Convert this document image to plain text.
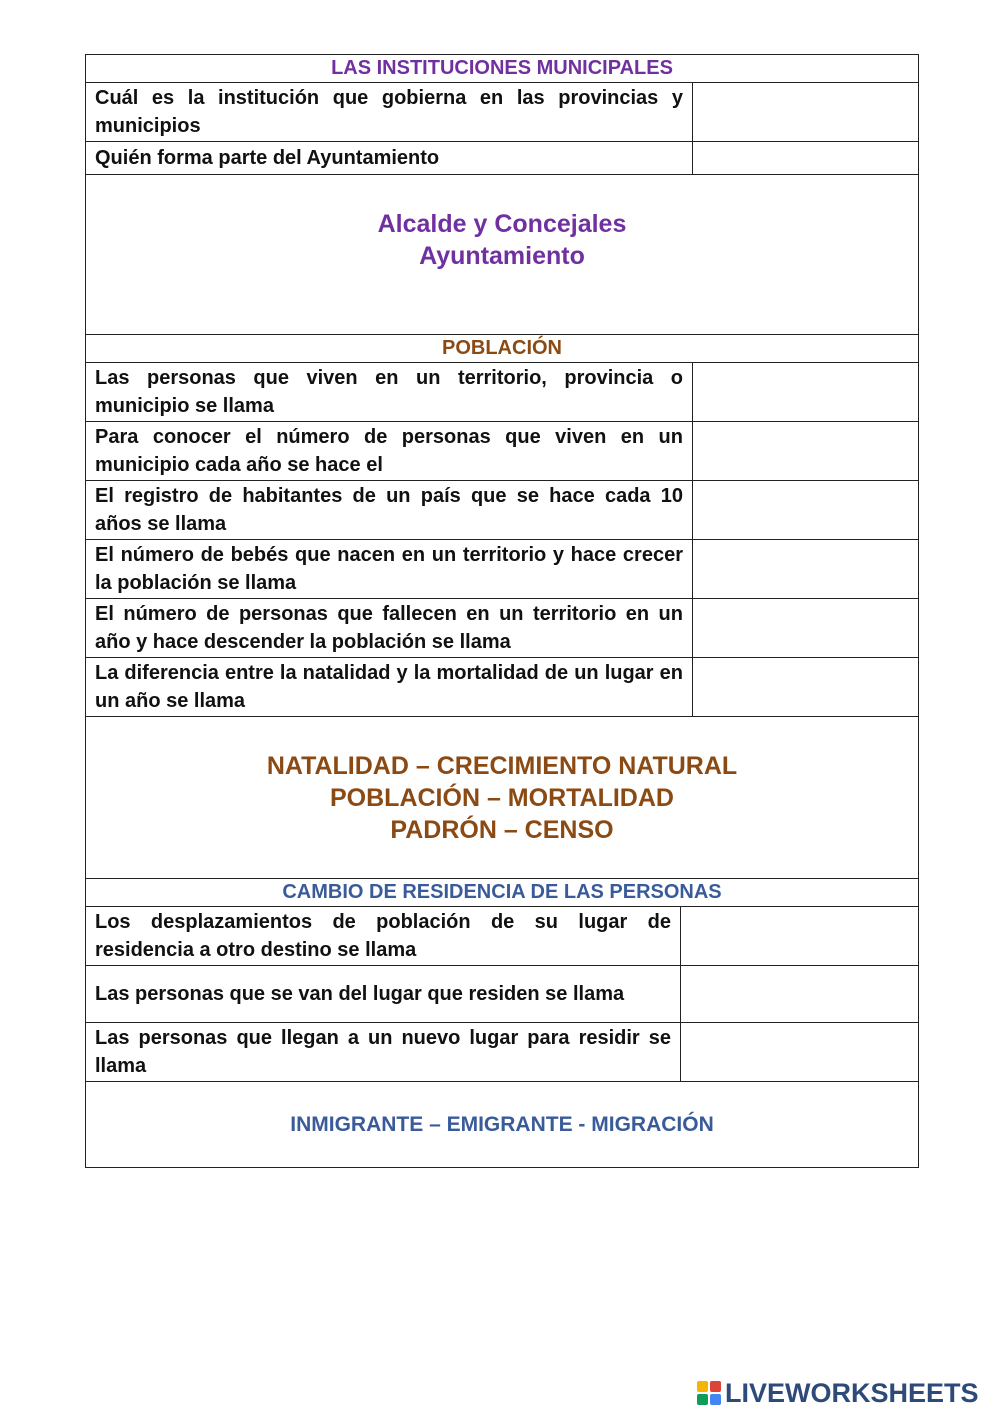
LAS INSTITUCIONES MUNICIPALES	
Cuál es la institución que gobierna en las provincias y municipios	
Quién forma parte del Ayuntamiento	

Alcalde y Concejales
Ayuntamiento	
POBLACIÓN	
Las personas que viven en un territorio, provincia o municipio se llama	
Para conocer el número de personas que viven en un municipio cada año se hace el	
El registro de habitantes de un país que se hace cada 10 años se llama	
El número de bebés que nacen en un territorio y hace crecer la población se llama	
El número de personas que fallecen en un territorio en un año y hace descender la población se llama	
La diferencia entre la natalidad y la mortalidad de un lugar en un año se llama	

NATALIDAD – CRECIMIENTO NATURAL
POBLACIÓN – MORTALIDAD
PADRÓN – CENSO	
CAMBIO DE RESIDENCIA DE LAS PERSONAS	
Los desplazamientos de población de su lugar de residencia a otro destino se llama	
Las personas que se van del lugar que residen se llama	
Las personas que llegan a un nuevo lugar para residir se llama	

INMIGRANTE – EMIGRANTE - MIGRACIÓN	
LIVEWORKSHEETS
